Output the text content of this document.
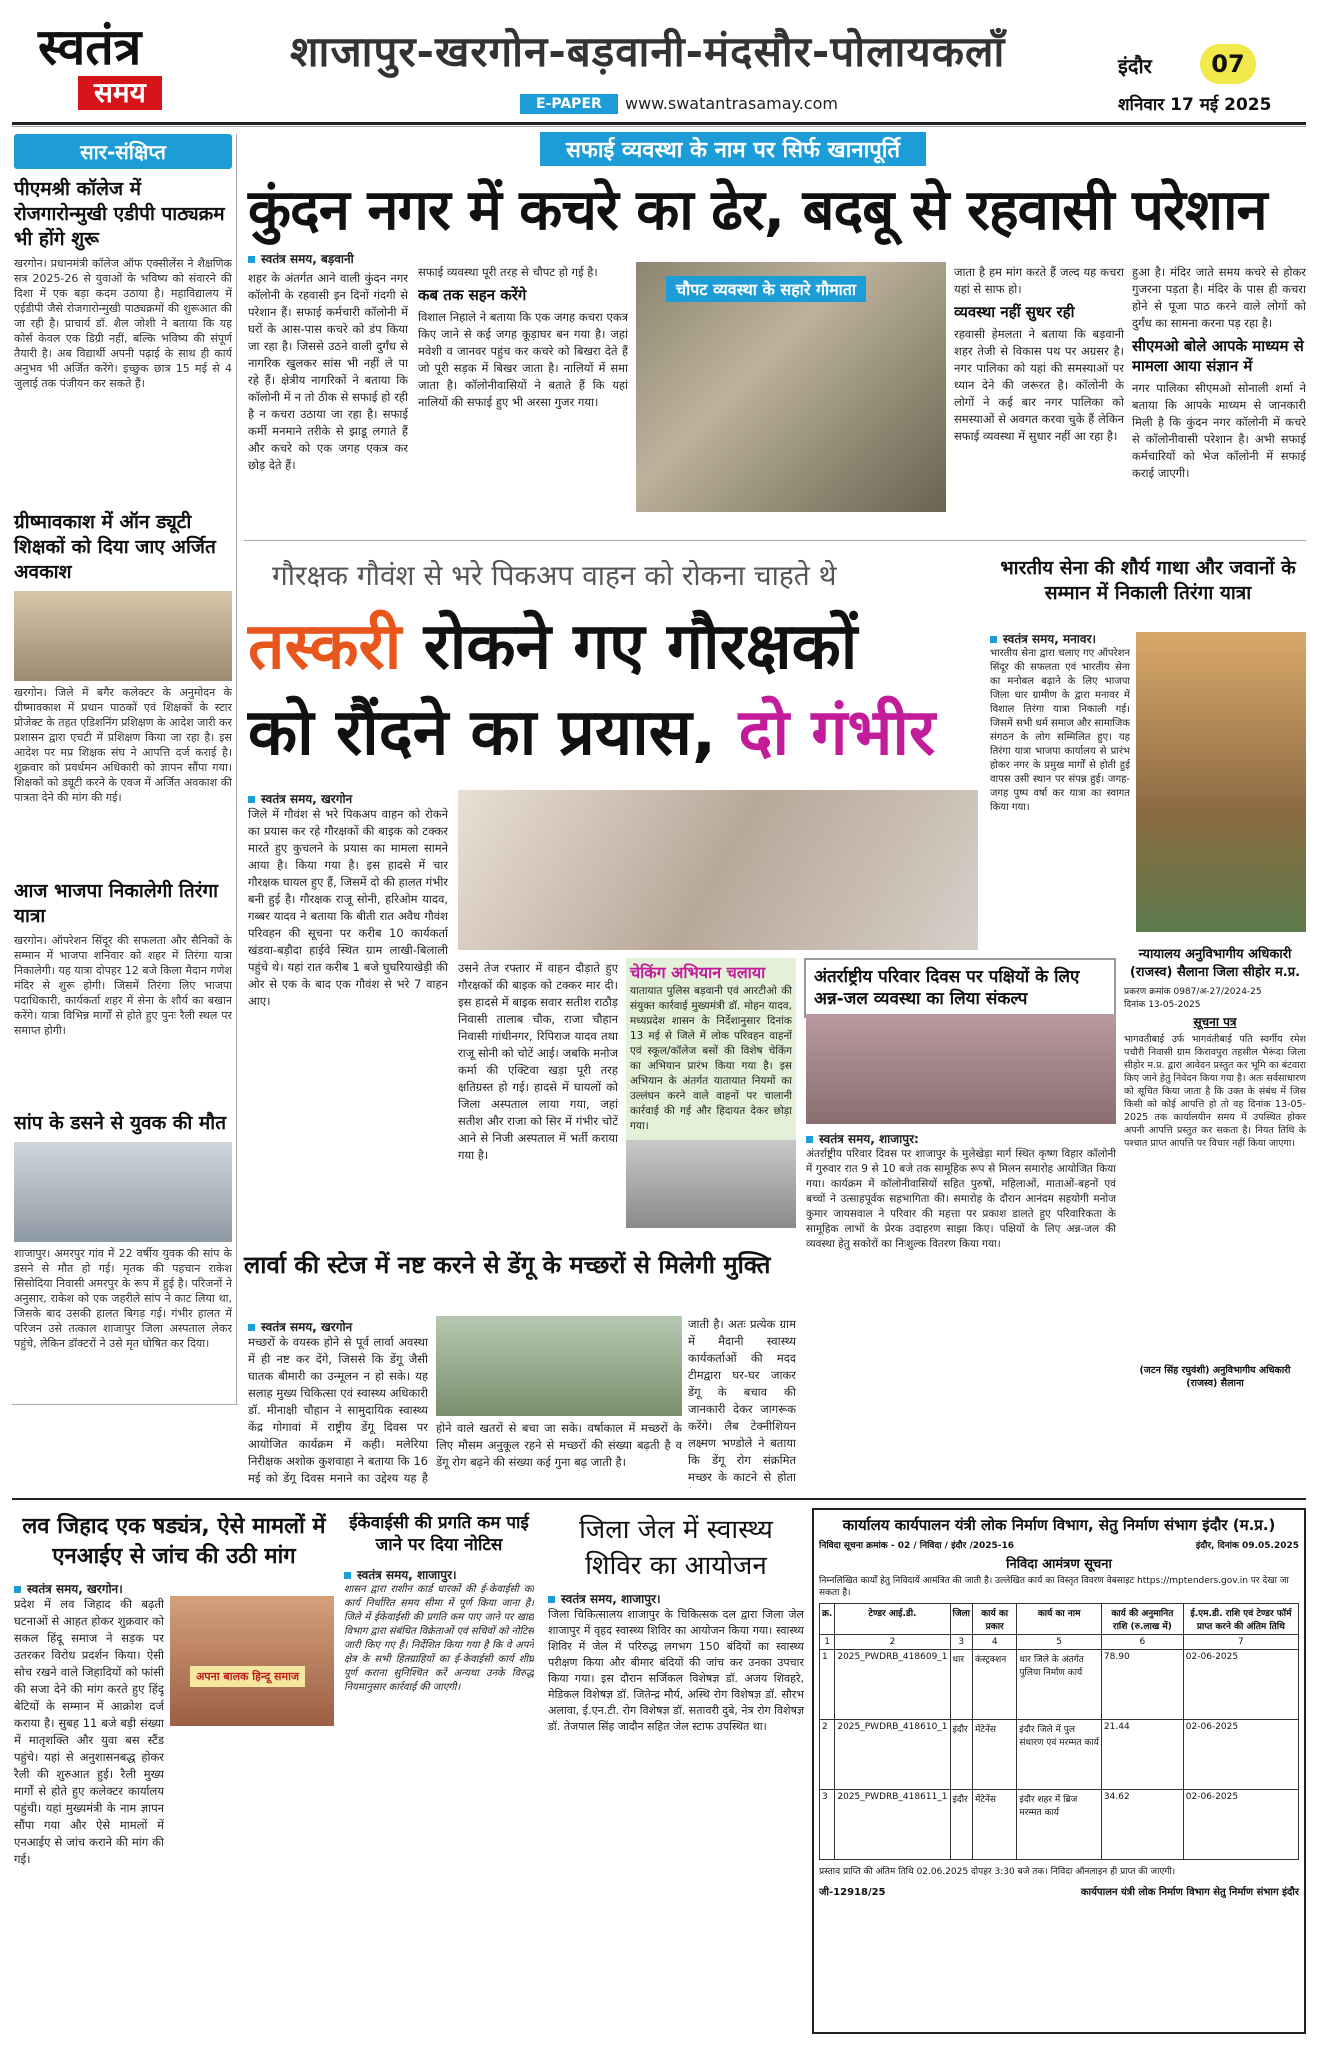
स्वतंत्र
समय
शाजापुर-खरगोन-बड़वानी-मंदसौर-पोलायकलाँ
E-PAPER	www.swatantrasamay.com
इंदौर	07
शनिवार 17 मई 2025
सार-संक्षिप्त
पीएमश्री कॉलेज में रोजगारोन्मुखी एडीपी पाठ्यक्रम भी होंगे शुरू
खरगोन। प्रधानमंत्री कॉलेज ऑफ एक्सीलेंस ने शैक्षणिक सत्र 2025-26 से युवाओं के भविष्य को संवारने की दिशा में एक बड़ा कदम उठाया है। महाविद्यालय में एईडीपी जैसे रोजगारोन्मुखी पाठ्यक्रमों की शुरूआत की जा रही है। प्राचार्य डॉ. शैल जोशी ने बताया कि यह कोर्स केवल एक डिग्री नहीं, बल्कि भविष्य की संपूर्ण तैयारी है। अब विद्यार्थी अपनी पढ़ाई के साथ ही कार्य अनुभव भी अर्जित करेंगे। इच्छुक छात्र 15 मई से 4 जुलाई तक पंजीयन कर सकते हैं।
ग्रीष्मावकाश में ऑन ड्यूटी शिक्षकों को दिया जाए अर्जित अवकाश
खरगोन। जिले में बगैर कलेक्टर के अनुमोदन के ग्रीष्मावकाश में प्रधान पाठकों एवं शिक्षकों के स्टार प्रोजेक्ट के तहत एडिशनिंग प्रशिक्षण के आदेश जारी कर प्रशासन द्वारा एचटी में प्रशिक्षण किया जा रहा है। इस आदेश पर मप्र शिक्षक संघ ने आपत्ति दर्ज कराई है। शुक्रवार को प्रवर्धमन अधिकारी को ज्ञापन सौंपा गया। शिक्षकों को ड्यूटी करने के एवज में अर्जित अवकाश की पात्रता देने की मांग की गई।
आज भाजपा निकालेगी तिरंगा यात्रा
खरगोन। ऑपरेशन सिंदूर की सफलता और सैनिकों के सम्मान में भाजपा शनिवार को शहर में तिरंगा यात्रा निकालेगी। यह यात्रा दोपहर 12 बजे किला मैदान गणेश मंदिर से शुरू होगी। जिसमें तिरंगा लिए भाजपा पदाधिकारी, कार्यकर्ता शहर में सेना के शौर्य का बखान करेंगे। यात्रा विभिन्न मार्गों से होते हुए पुनः रैली स्थल पर समाप्त होगी।
सांप के डसने से युवक की मौत
शाजापुर। अमरपुर गांव में 22 वर्षीय युवक की सांप के डसने से मौत हो गई। मृतक की पहचान राकेश सिसोदिया निवासी अमरपुर के रूप में हुई है। परिजनों ने अनुसार, राकेश को एक जहरीले सांप ने काट लिया था, जिसके बाद उसकी हालत बिगड़ गई। गंभीर हालत में परिजन उसे तत्काल शाजापुर जिला अस्पताल लेकर पहुंचे, लेकिन डॉक्टरों ने उसे मृत घोषित कर दिया।
सफाई व्यवस्था के नाम पर सिर्फ खानापूर्ति
कुंदन नगर में कचरे का ढेर, बदबू से रहवासी परेशान
स्वतंत्र समय, बड़वानी
शहर के अंतर्गत आने वाली कुंदन नगर कॉलोनी के रहवासी इन दिनों गंदगी से परेशान हैं। सफाई कर्मचारी कॉलोनी में घरों के आस-पास कचरे को डंप किया जा रहा है। जिससे उठने वाली दुर्गंध से नागरिक खुलकर सांस भी नहीं ले पा रहे हैं। क्षेत्रीय नागरिकों ने बताया कि कॉलोनी में न तो ठीक से सफाई हो रही है न कचरा उठाया जा रहा है। सफाई कर्मी मनमाने तरीके से झाडू लगाते हैं और कचरे को एक जगह एकत्र कर छोड़ देते हैं।
सफाई व्यवस्था पूरी तरह से चौपट हो गई है।
कब तक सहन करेंगे
विशाल निहाले ने बताया कि एक जगह कचरा एकत्र किए जाने से कई जगह कूड़ाघर बन गया है। जहां मवेशी व जानवर पहुंच कर कचरे को बिखरा देते हैं जो पूरी सड़क में बिखर जाता है। नालियों में समा जाता है। कॉलोनीवासियों ने बताते हैं कि यहां नालियों की सफाई हुए भी अरसा गुजर गया।
चौपट व्यवस्था के सहारे गौमाता
जाता है हम मांग करते हैं जल्द यह कचरा यहां से साफ हो।
व्यवस्था नहीं सुधर रही
रहवासी हेमलता ने बताया कि बड़वानी शहर तेजी से विकास पथ पर अग्रसर है। नगर पालिका को यहां की समस्याओं पर ध्यान देने की जरूरत है। कॉलोनी के लोगों ने कई बार नगर पालिका को समस्याओं से अवगत करवा चुके हैं लेकिन सफाई व्यवस्था में सुधार नहीं आ रहा है।
हुआ है। मंदिर जाते समय कचरे से होकर गुजरना पड़ता है। मंदिर के पास ही कचरा होने से पूजा पाठ करने वाले लोगों को दुर्गंध का सामना करना पड़ रहा है।
सीएमओ बोले आपके माध्यम से मामला आया संज्ञान में
नगर पालिका सीएमओ सोनाली शर्मा ने बताया कि आपके माध्यम से जानकारी मिली है कि कुंदन नगर कॉलोनी में कचरे से कॉलोनीवासी परेशान है। अभी सफाई कर्मचारियों को भेज कॉलोनी में सफाई कराई जाएगी।
गौरक्षक गौवंश से भरे पिकअप वाहन को रोकना चाहते थे
तस्करी रोकने गए गौरक्षकों
को रौंदने का प्रयास, दो गंभीर
स्वतंत्र समय, खरगोन
जिले में गौवंश से भरे पिकअप वाहन को रोकने का प्रयास कर रहे गौरक्षकों की बाइक को टक्कर मारते हुए कुचलने के प्रयास का मामला सामने आया है। किया गया है। इस हादसे में चार गौरक्षक घायल हुए हैं, जिसमें दो की हालत गंभीर बनी हुई है। गौरक्षक राजू सोनी, हरिओम यादव, गब्बर यादव ने बताया कि बीती रात अवैध गौवंश परिवहन की सूचना पर करीब 10 कार्यकर्ता खंडवा-बड़ौदा हाईवे स्थित ग्राम लाखी-बिलाली पहुंचे थे। यहां रात करीब 1 बजे घुघरियाखेड़ी की ओर से एक के बाद एक गौवंश से भरे 7 वाहन आए।
उसने तेज रफ्तार में वाहन दौड़ाते हुए गौरक्षकों की बाइक को टक्कर मार दी। इस हादसे में बाइक सवार सतीश राठौड़ निवासी तालाब चौक, राजा चौहान निवासी गांधीनगर, रिपिराज यादव तथा राजू सोनी को चोटें आई। जबकि मनोज कर्मा की एक्टिवा खड़ा पूरी तरह क्षतिग्रस्त हो गई। हादसे में घायलों को जिला अस्पताल लाया गया, जहां सतीश और राजा को सिर में गंभीर चोटें आने से निजी अस्पताल में भर्ती कराया गया है।
भारतीय सेना की शौर्य गाथा और जवानों के सम्मान में निकाली तिरंगा यात्रा
स्वतंत्र समय, मनावर।
भारतीय सेना द्वारा चलाए गए ऑपरेशन सिंदूर की सफलता एवं भारतीय सेना का मनोबल बढ़ाने के लिए भाजपा जिला धार ग्रामीण के द्वारा मनावर में विशाल तिरंगा यात्रा निकाली गई। जिसमें सभी धर्म समाज और सामाजिक संगठन के लोग सम्मिलित हुए। यह तिरंगा यात्रा भाजपा कार्यालय से प्रारंभ होकर नगर के प्रमुख मार्गों से होती हुई वापस उसी स्थान पर संपन्न हुई। जगह-जगह पुष्प वर्षा कर यात्रा का स्वागत किया गया।
चेकिंग अभियान चलाया
यातायात पुलिस बड़वानी एवं आरटीओ की संयुक्त कार्रवाई मुख्यमंत्री डॉ. मोहन यादव, मध्यप्रदेश शासन के निर्देशानुसार दिनांक 13 मई से जिले में लोक परिवहन वाहनों एवं स्कूल/कॉलेज बसों की विशेष चेकिंग का अभियान प्रारंभ किया गया है। इस अभियान के अंतर्गत यातायात नियमों का उल्लंघन करने वाले वाहनों पर चालानी कार्रवाई की गई और हिदायत देकर छोड़ा गया।
अंतर्राष्ट्रीय परिवार दिवस पर पक्षियों के लिए अन्न-जल व्यवस्था का लिया संकल्प
स्वतंत्र समय, शाजापुर:
अंतर्राष्ट्रीय परिवार दिवस पर शाजापुर के मुलेखेड़ा मार्ग स्थित कृष्ण विहार कॉलोनी में गुरुवार रात 9 से 10 बजे तक सामूहिक रूप से मिलन समारोह आयोजित किया गया। कार्यक्रम में कॉलोनीवासियों सहित पुरुषों, महिलाओं, माताओं-बहनों एवं बच्चों ने उत्साहपूर्वक सहभागिता की। समारोह के दौरान आनंदम सहयोगी मनोज कुमार जायसवाल ने परिवार की महत्ता पर प्रकाश डालते हुए परिवारिकता के सामूहिक लाभों के प्रेरक उदाहरण साझा किए। पक्षियों के लिए अन्न-जल की व्यवस्था हेतु सकोरों का निःशुल्क वितरण किया गया।
न्यायालय अनुविभागीय अधिकारी (राजस्व) सैलाना जिला सीहोर म.प्र.
प्रकरण क्रमांक 0987/अ-27/2024-25
दिनांक 13-05-2025
सूचना पत्र
भागवतीबाई उर्फ भागवंतीबाई पति स्वर्गीय रमेश पचौरी निवासी ग्राम किरावपुरा तहसील भैरूंदा जिला सीहोर म.प्र. द्वारा आवेदन प्रस्तुत कर भूमि का बंटवारा किए जाने हेतु निवेदन किया गया है। अतः सर्वसाधारण को सूचित किया जाता है कि उक्त के संबंध में जिस किसी को कोई आपत्ति हो तो वह दिनांक 13-05-2025 तक कार्यालयीन समय में उपस्थित होकर अपनी आपत्ति प्रस्तुत कर सकता है। नियत तिथि के पश्चात प्राप्त आपत्ति पर विचार नहीं किया जाएगा।
(जटन सिंह रघुवंशी) अनुविभागीय अधिकारी (राजस्व) सैलाना
लार्वा की स्टेज में नष्ट करने से डेंगू के मच्छरों से मिलेगी मुक्ति
स्वतंत्र समय, खरगोन
मच्छरों के वयस्क होने से पूर्व लार्वा अवस्था में ही नष्ट कर देंगे, जिससे कि डेंगू जैसी घातक बीमारी का उन्मूलन न हो सके। यह सलाह मुख्य चिकित्सा एवं स्वास्थ्य अधिकारी डॉ. मीनाक्षी चौहान ने सामुदायिक स्वास्थ्य केंद्र गोगावां में राष्ट्रीय डेंगू दिवस पर आयोजित कार्यक्रम में कही। मलेरिया निरीक्षक अशोक कुशवाहा ने बताया कि 16 मई को डेंगू दिवस मनाने का उद्देश्य यह है
होने वाले खतरों से बचा जा सके। वर्षाकाल में मच्छरों के लिए मौसम अनुकूल रहने से मच्छरों की संख्या बढ़ती है व डेंगू रोग बढ़ने की संख्या कई गुना बढ़ जाती है।
जाती है। अतः प्रत्येक ग्राम में मैदानी स्वास्थ्य कार्यकर्ताओं की मदद टीमद्वारा घर-घर जाकर डेंगू के बचाव की जानकारी देकर जागरूक करेंगे। लैब टेक्नीशियन लक्ष्मण भण्डोले ने बताया कि डेंगू रोग संक्रमित मच्छर के काटने से होता
लव जिहाद एक षड्यंत्र, ऐसे मामलों में एनआईए से जांच की उठी मांग
स्वतंत्र समय, खरगोन।
प्रदेश में लव जिहाद की बढ़ती घटनाओं से आहत होकर शुक्रवार को सकल हिंदू समाज ने सड़क पर उतरकर विरोध प्रदर्शन किया। ऐसी सोच रखने वाले जिहादियों को फांसी की सजा देने की मांग करते हुए हिंदू बेटियों के सम्मान में आक्रोश दर्ज कराया है। सुबह 11 बजे बड़ी संख्या में मातृशक्ति और युवा बस स्टैंड पहुंचे। यहां से अनुशासनबद्ध होकर रैली की शुरुआत हुई। रैली मुख्य मार्गों से होते हुए कलेक्टर कार्यालय पहुंची। यहां मुख्यमंत्री के नाम ज्ञापन सौंपा गया और ऐसे मामलों में एनआईए से जांच कराने की मांग की गई।
अपना बालक हिन्दू समाज
ईकेवाईसी की प्रगति कम पाई जाने पर दिया नोटिस
स्वतंत्र समय, शाजापुर।
शासन द्वारा राशीन कार्ड धारकों की ई-केवाईसी का कार्य निर्धारित समय सीमा में पूर्ण किया जाना है। जिले में ईकेवाईसी की प्रगति कम पाए जाने पर खाद्य विभाग द्वारा संबंधित विक्रेताओं एवं सचिवों को नोटिस जारी किए गए हैं। निर्देशित किया गया है कि वे अपने क्षेत्र के सभी हितग्राहियों का ई-केवाईसी कार्य शीघ्र पूर्ण कराना सुनिश्चित करें अन्यथा उनके विरुद्ध नियमानुसार कार्रवाई की जाएगी।
जिला जेल में स्वास्थ्य शिविर का आयोजन
स्वतंत्र समय, शाजापुर।
जिला चिकित्सालय शाजापुर के चिकित्सक दल द्वारा जिला जेल शाजापुर में वृहद स्वास्थ्य शिविर का आयोजन किया गया। स्वास्थ्य शिविर में जेल में परिरुद्ध लगभग 150 बंदियों का स्वास्थ्य परीक्षण किया और बीमार बंदियों की जांच कर उनका उपचार किया गया। इस दौरान सर्जिकल विशेषज्ञ डॉ. अजय शिवहरे, मेडिकल विशेषज्ञ डॉ. जितेन्द्र मौर्य, अस्थि रोग विशेषज्ञ डॉ. सौरभ अलावा, ई.एन.टी. रोग विशेषज्ञ डॉ. सतावरी दुबे, नेत्र रोग विशेषज्ञ डॉ. तेजपाल सिंह जादौन सहित जेल स्टाफ उपस्थित था।
कार्यालय कार्यपालन यंत्री लोक निर्माण विभाग, सेतु निर्माण संभाग इंदौर (म.प्र.)
निविदा सूचना क्रमांक - 02 / निविदा / इंदौर /2025-16	इंदौर, दिनांक 09.05.2025
निविदा आमंत्रण सूचना
निम्नलिखित कार्यों हेतु निविदायें आमंत्रित की जाती है। उल्लेखित कार्य का विस्तृत विवरण वेबसाइट https://mptenders.gov.in पर देखा जा सकता है।
क्र.	टेण्डर आई.डी.	जिला	कार्य का प्रकार	कार्य का नाम	कार्य की अनुमानित राशि (रु.लाख में)	ई.एम.डी. राशि एवं टेण्डर फॉर्म प्राप्त करने की अंतिम तिथि
1	2	3	4	5	6	7
1	2025_PWDRB_418609_1	धार	कंस्ट्रक्शन	धार जिले के अंतर्गत पुलिया निर्माण कार्य	78.90	02-06-2025
2	2025_PWDRB_418610_1	इंदौर	मेंटेनेंस	इंदौर जिले में पुल संधारण एवं मरम्मत कार्य	21.44	02-06-2025
3	2025_PWDRB_418611_1	इंदौर	मेंटेनेंस	इंदौर शहर में ब्रिज मरम्मत कार्य	34.62	02-06-2025
प्रस्ताव प्राप्ति की अंतिम तिथि 02.06.2025 दोपहर 3:30 बजे तक। निविदा ऑनलाइन ही प्राप्त की जाएगी।
जी-12918/25	कार्यपालन यंत्री लोक निर्माण विभाग सेतु निर्माण संभाग इंदौर
